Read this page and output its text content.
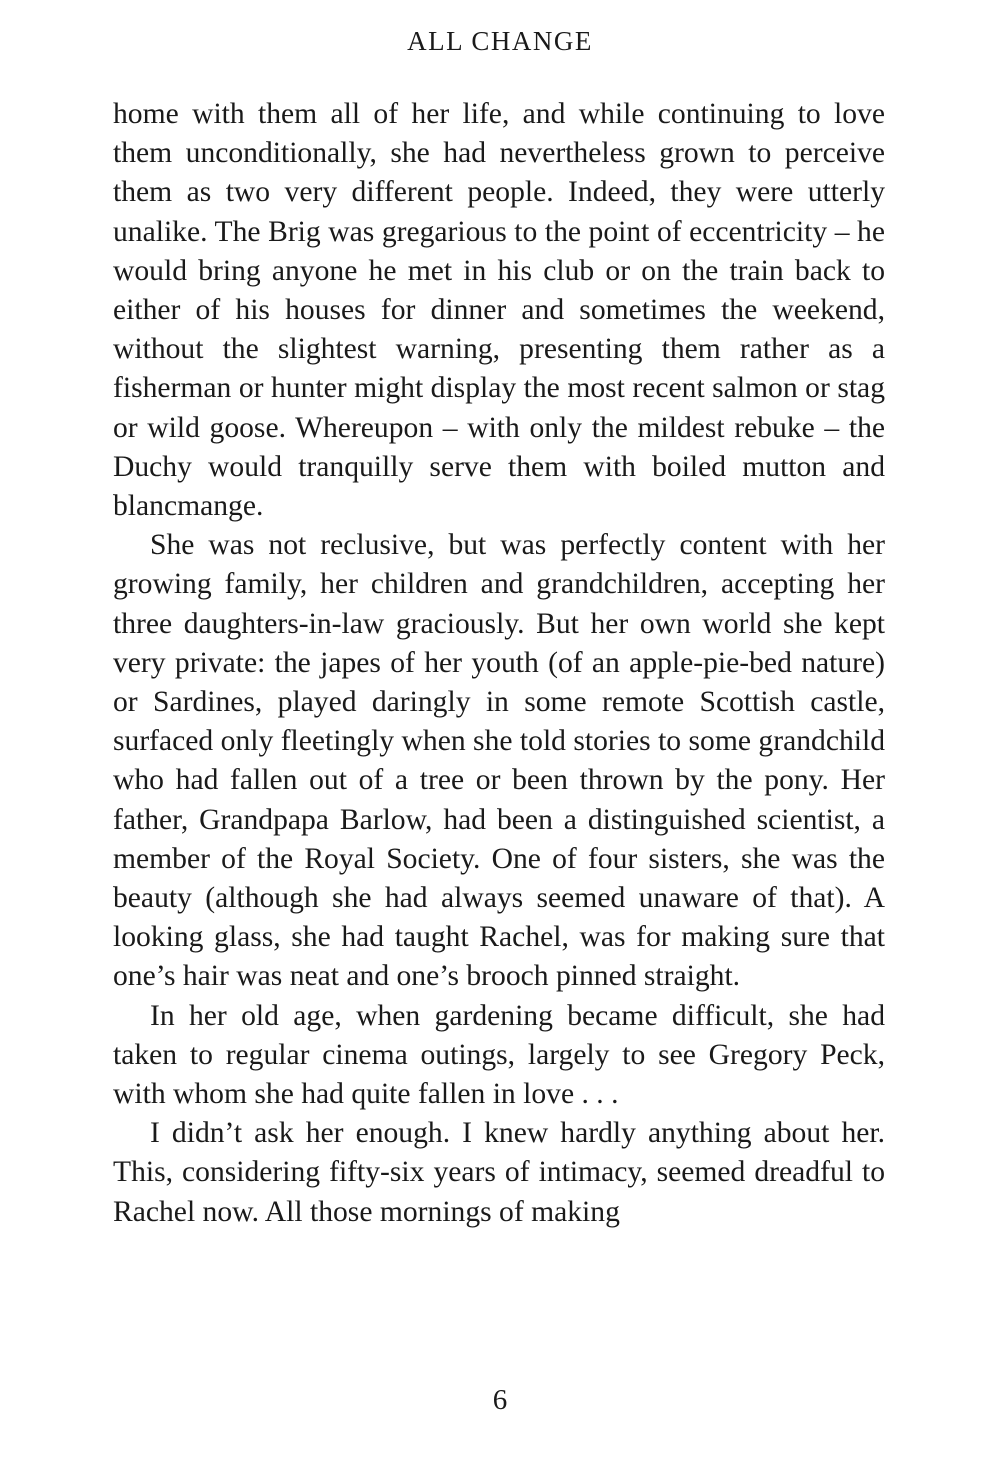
ALL CHANGE

home with them all of her life, and while continuing to love them unconditionally, she had nevertheless grown to perceive them as two very different people. Indeed, they were utterly unalike. The Brig was gregarious to the point of eccentricity – he would bring anyone he met in his club or on the train back to either of his houses for dinner and sometimes the weekend, without the slightest warning, presenting them rather as a fisherman or hunter might display the most recent salmon or stag or wild goose. Whereupon – with only the mildest rebuke – the Duchy would tranquilly serve them with boiled mutton and blancmange.

She was not reclusive, but was perfectly content with her growing family, her children and grandchildren, accepting her three daughters-in-law graciously. But her own world she kept very private: the japes of her youth (of an apple-pie-bed nature) or Sardines, played daringly in some remote Scottish castle, surfaced only fleetingly when she told stories to some grandchild who had fallen out of a tree or been thrown by the pony. Her father, Grandpapa Barlow, had been a distinguished scientist, a member of the Royal Society. One of four sisters, she was the beauty (although she had always seemed unaware of that). A looking glass, she had taught Rachel, was for making sure that one’s hair was neat and one’s brooch pinned straight.

In her old age, when gardening became difficult, she had taken to regular cinema outings, largely to see Gregory Peck, with whom she had quite fallen in love . . .

I didn’t ask her enough. I knew hardly anything about her. This, considering fifty-six years of intimacy, seemed dreadful to Rachel now. All those mornings of making

6
